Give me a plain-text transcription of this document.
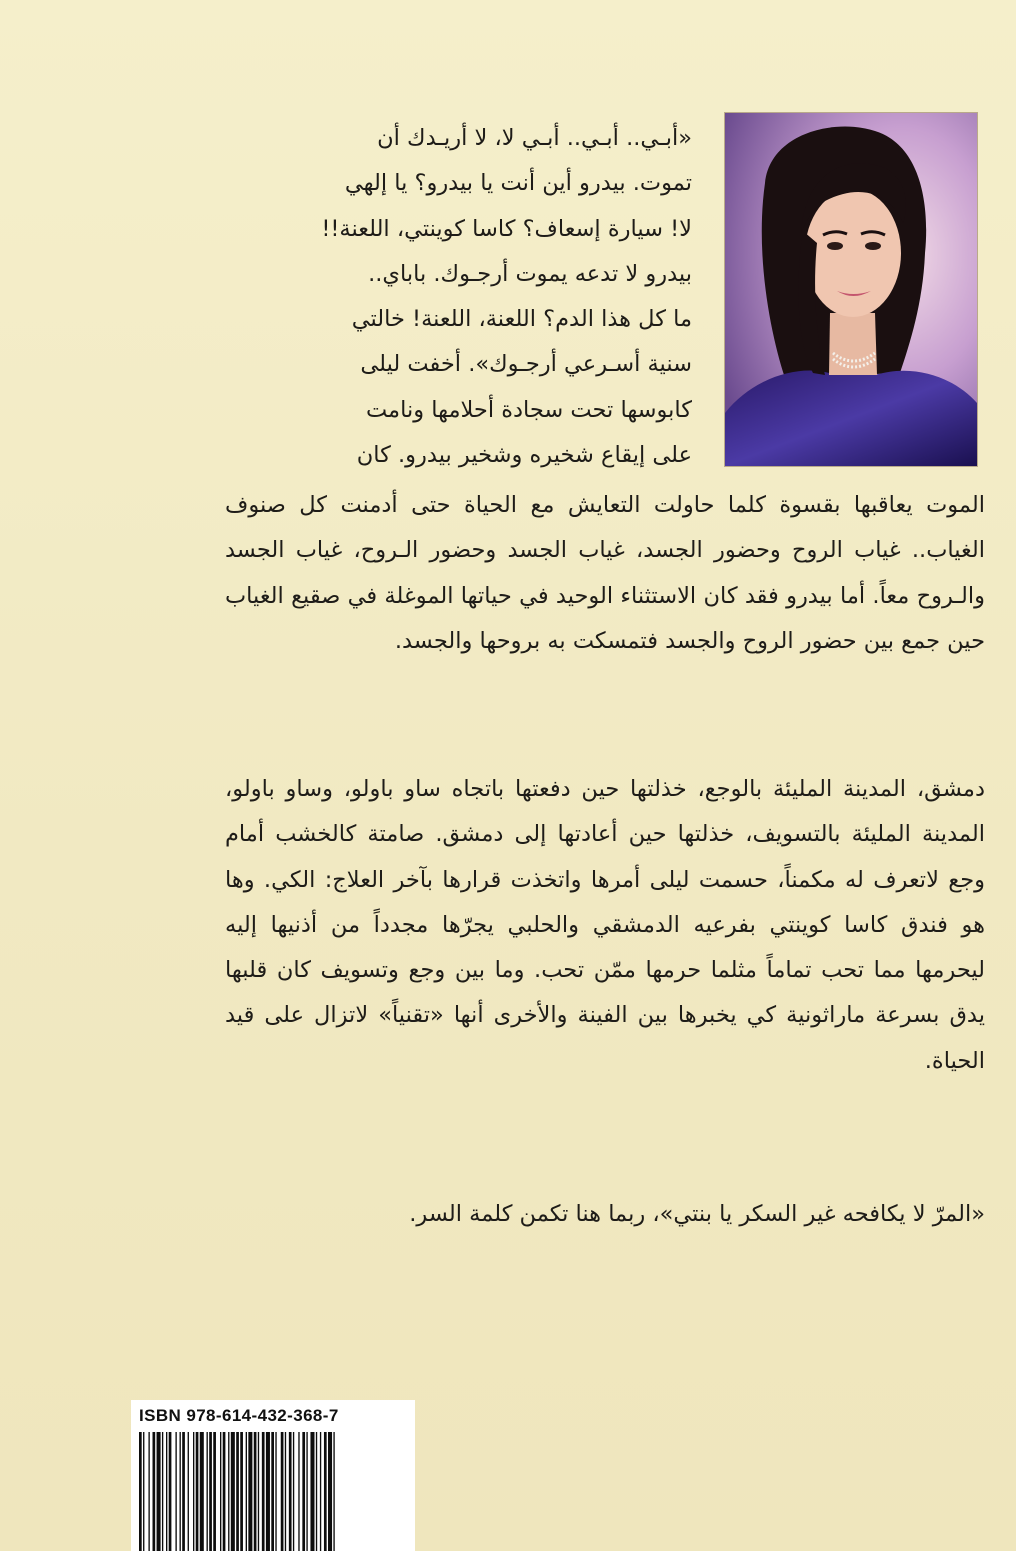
«أبـي.. أبـي.. أبـي لا، لا أريـدك أن
تموت. بيدرو أين أنت يا بيدرو؟ يا إلهي
لا! سيارة إسعاف؟ كاسا كوينتي، اللعنة!!
بيدرو لا تدعه يموت أرجـوك. باباي..
ما كل هذا الدم؟ اللعنة، اللعنة! خالتي
سنية أسـرعي أرجـوك». أخفت ليلى
كابوسها تحت سجادة أحلامها ونامت
على إيقاع شخيره وشخير بيدرو. كان

الموت يعاقبها بقسوة كلما حاولت التعايش مع الحياة حتى أدمنت كل صنوف الغياب.. غياب الروح وحضور الجسد، غياب الجسد وحضور الـروح، غياب الجسد والـروح معاً. أما بيدرو فقد كان الاستثناء الوحيد في حياتها الموغلة في صقيع الغياب حين جمع بين حضور الروح والجسد فتمسكت به بروحها والجسد.

دمشق، المدينة المليئة بالوجع، خذلتها حين دفعتها باتجاه ساو باولو، وساو باولو، المدينة المليئة بالتسويف، خذلتها حين أعادتها إلى دمشق. صامتة كالخشب أمام وجع لاتعرف له مكمناً، حسمت ليلى أمرها واتخذت قرارها بآخر العلاج: الكي. وها هو فندق كاسا كوينتي بفرعيه الدمشقي والحلبي يجرّها مجدداً من أذنيها إليه ليحرمها مما تحب تماماً مثلما حرمها ممّن تحب. وما بين وجع وتسويف كان قلبها يدق بسرعة ماراثونية كي يخبرها بين الفينة والأخرى أنها «تقنياً» لاتزال على قيد الحياة.

«المرّ لا يكافحه غير السكر يا بنتي»، ربما هنا تكمن كلمة السر.

ISBN 978-614-432-368-7
